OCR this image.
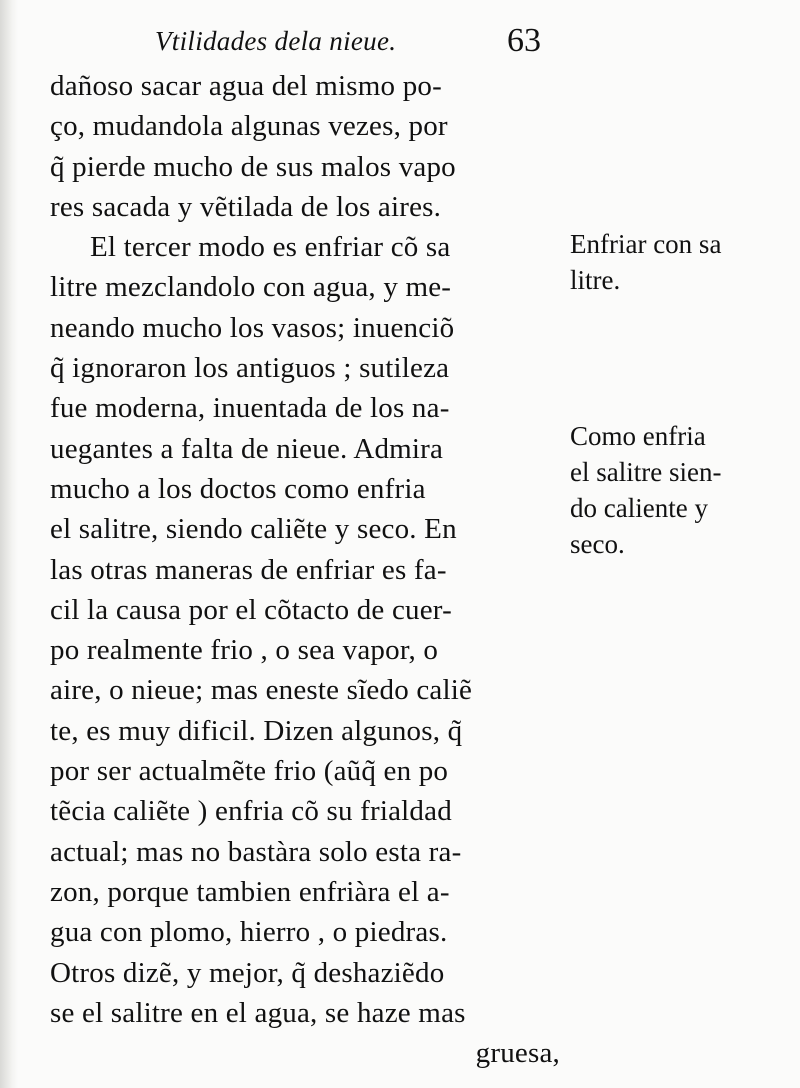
Vtilidades dela nieue.	63
dañoso sacar agua del mismo po-
ço, mudandola algunas vezes, por
q̃ pierde mucho de sus malos vapo
res sacada y vẽtilada de los aires.
El tercer modo es enfriar cõ sa
litre mezclandolo con agua, y me-
neando mucho los vasos; inuenciõ
q̃ ignoraron los antiguos ; sutileza
fue moderna, inuentada de los na-
uegantes a falta de nieue. Admira
mucho a los doctos como enfria
el salitre, siendo caliẽte y seco. En
las otras maneras de enfriar es fa-
cil la causa por el cõtacto de cuer-
po realmente frio , o sea vapor, o
aire, o nieue; mas eneste sĩedo caliẽ
te, es muy dificil. Dizen algunos, q̃
por ser actualmẽte frio (aũq̃ en po
tẽcia caliẽte ) enfria cõ su frialdad
actual; mas no bastàra solo esta ra-
zon, porque tambien enfriàra el a-
gua con plomo, hierro , o piedras.
Otros dizẽ, y mejor, q̃ deshaziẽdo
se el salitre en el agua, se haze mas
gruesa,
Enfriar con sa
litre.
Como enfria
el salitre sien-
do caliente y
seco.
